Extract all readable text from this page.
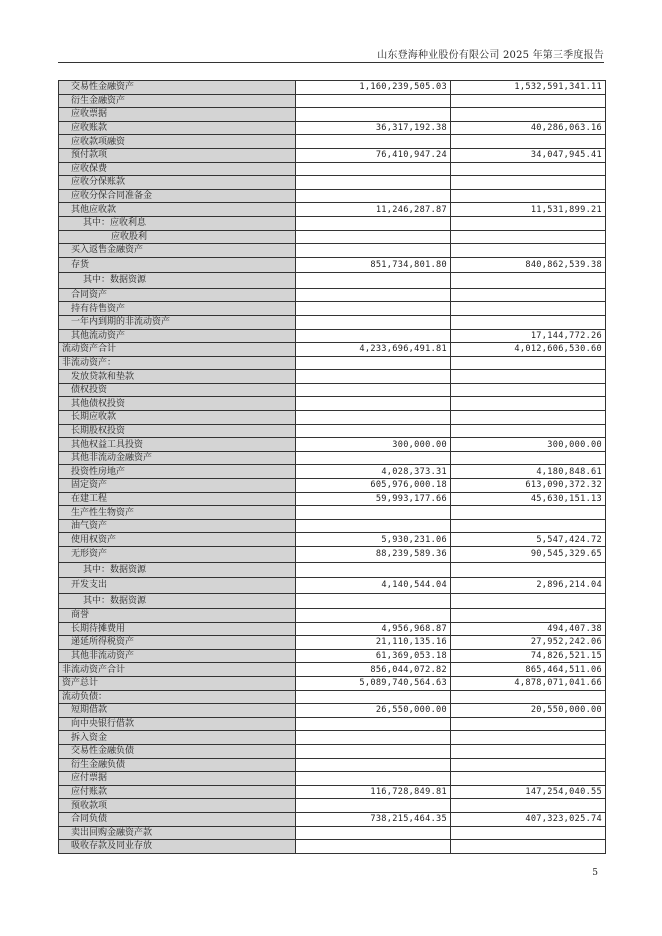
山东登海种业股份有限公司 2025 年第三季度报告
交易性金融资产	1,160,239,505.03	1,532,591,341.11
衍生金融资产		
应收票据		
应收账款	36,317,192.38	40,286,063.16
应收款项融资		
预付款项	76,410,947.24	34,047,945.41
应收保费		
应收分保账款		
应收分保合同准备金		
其他应收款	11,246,287.87	11,531,899.21
其中：应收利息		
应收股利		
买入返售金融资产		
存货	851,734,801.80	840,862,539.38
其中：数据资源		
合同资产		
持有待售资产		
一年内到期的非流动资产		
其他流动资产		17,144,772.26
流动资产合计	4,233,696,491.81	4,012,606,530.60
非流动资产：		
发放贷款和垫款		
债权投资		
其他债权投资		
长期应收款		
长期股权投资		
其他权益工具投资	300,000.00	300,000.00
其他非流动金融资产		
投资性房地产	4,028,373.31	4,180,848.61
固定资产	605,976,000.18	613,090,372.32
在建工程	59,993,177.66	45,630,151.13
生产性生物资产		
油气资产		
使用权资产	5,930,231.06	5,547,424.72
无形资产	88,239,589.36	90,545,329.65
其中：数据资源		
开发支出	4,140,544.04	2,896,214.04
其中：数据资源		
商誉		
长期待摊费用	4,956,968.87	494,407.38
递延所得税资产	21,110,135.16	27,952,242.06
其他非流动资产	61,369,053.18	74,826,521.15
非流动资产合计	856,044,072.82	865,464,511.06
资产总计	5,089,740,564.63	4,878,071,041.66
流动负债：		
短期借款	26,550,000.00	20,550,000.00
向中央银行借款		
拆入资金		
交易性金融负债		
衍生金融负债		
应付票据		
应付账款	116,728,849.81	147,254,040.55
预收款项		
合同负债	738,215,464.35	407,323,025.74
卖出回购金融资产款		
吸收存款及同业存放		
5
